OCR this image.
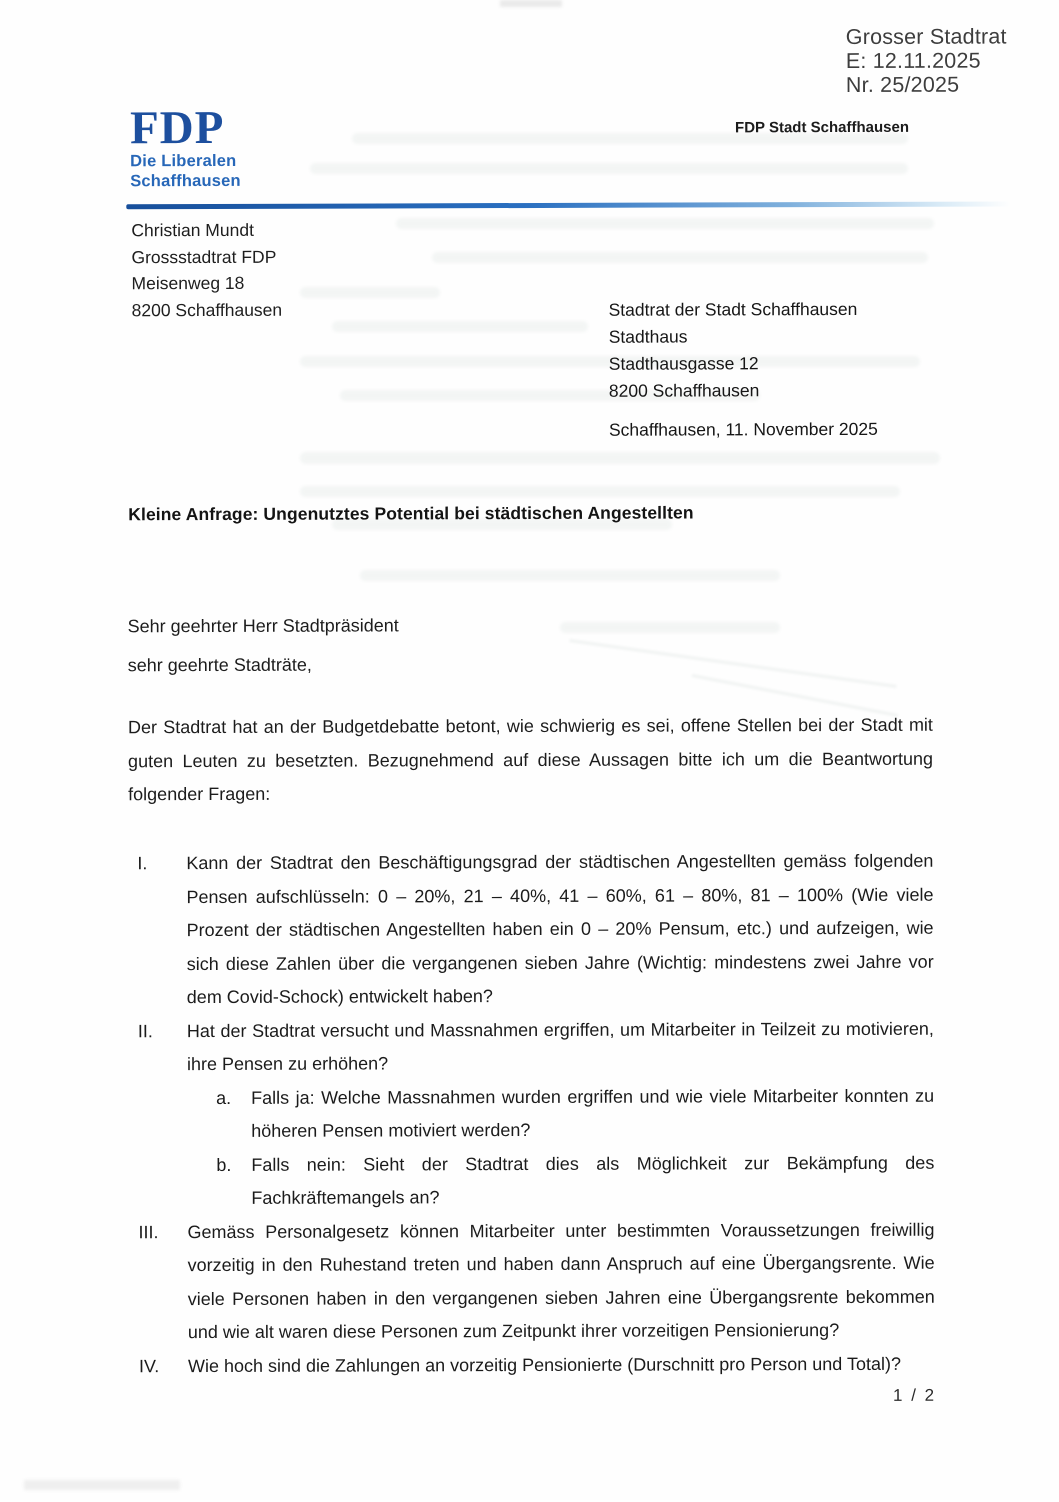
Grosser Stadtrat
E: 12.11.2025
Nr. 25/2025
FDP
Die Liberalen
Schaffhausen
FDP Stadt Schaffhausen
Christian Mundt
Grossstadtrat FDP
Meisenweg 18
8200 Schaffhausen	Stadtrat der Stadt Schaffhausen
Stadthaus
Stadthausgasse 12
8200 Schaffhausen
Schaffhausen, 11. November 2025
Kleine Anfrage: Ungenutztes Potential bei städtischen Angestellten
Sehr geehrter Herr Stadtpräsident
sehr geehrte Stadträte,

Der Stadtrat hat an der Budgetdebatte betont, wie schwierig es sei, offene Stellen bei der Stadt mit guten Leuten zu besetzten. Bezugnehmend auf diese Aussagen bitte ich um die Beantwortung folgender Fragen:

I.	Kann der Stadtrat den Beschäftigungsgrad der städtischen Angestellten gemäss folgenden Pensen aufschlüsseln: 0 – 20%, 21 – 40%, 41 – 60%, 61 – 80%, 81 – 100% (Wie viele Prozent der städtischen Angestellten haben ein 0 – 20% Pensum, etc.) und aufzeigen, wie sich diese Zahlen über die vergangenen sieben Jahre (Wichtig: mindestens zwei Jahre vor dem Covid-Schock) entwickelt haben?
II.	Hat der Stadtrat versucht und Massnahmen ergriffen, um Mitarbeiter in Teilzeit zu motivieren, ihre Pensen zu erhöhen?
a.	Falls ja: Welche Massnahmen wurden ergriffen und wie viele Mitarbeiter konnten zu höheren Pensen motiviert werden?
b.	Falls nein: Sieht der Stadtrat dies als Möglichkeit zur Bekämpfung des Fachkräftemangels an?
III.	Gemäss Personalgesetz können Mitarbeiter unter bestimmten Voraussetzungen freiwillig vorzeitig in den Ruhestand treten und haben dann Anspruch auf eine Übergangsrente. Wie viele Personen haben in den vergangenen sieben Jahren eine Übergangsrente bekommen und wie alt waren diese Personen zum Zeitpunkt ihrer vorzeitigen Pensionierung?
IV.	Wie hoch sind die Zahlungen an vorzeitig Pensionierte (Durschnitt pro Person und Total)?
1 / 2
